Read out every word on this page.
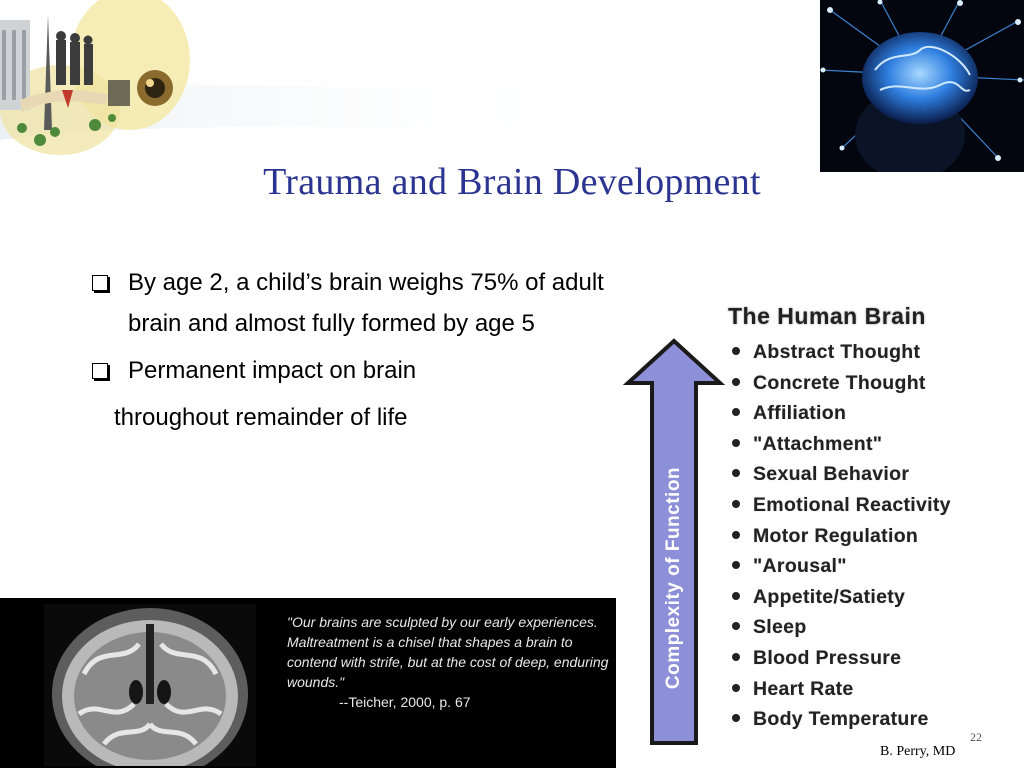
Trauma and Brain Development
By age 2, a child’s brain weighs 75% of adult brain and almost fully formed by age 5
Permanent impact on brain
throughout remainder of life
"Our brains are sculpted by our early experiences. Maltreatment is a chisel that shapes a brain to contend with strife, but at the cost of deep, enduring wounds."
--Teicher, 2000, p. 67
Complexity of Function
The Human Brain
Abstract Thought
Concrete Thought
Affiliation
"Attachment"
Sexual Behavior
Emotional Reactivity
Motor Regulation
"Arousal"
Appetite/Satiety
Sleep
Blood Pressure
Heart Rate
Body Temperature
B. Perry, MD
22
